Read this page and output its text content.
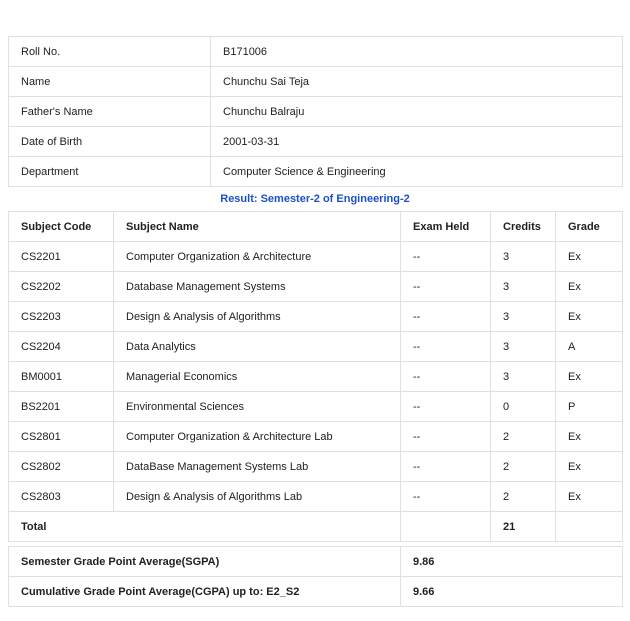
Roll No.	B171006
Name	Chunchu Sai Teja
Father's Name	Chunchu Balraju
Date of Birth	2001-03-31
Department	Computer Science & Engineering
Result: Semester-2 of Engineering-2
Subject Code	Subject Name	Exam Held	Credits	Grade
CS2201	Computer Organization & Architecture	--	3	Ex
CS2202	Database Management Systems	--	3	Ex
CS2203	Design & Analysis of Algorithms	--	3	Ex
CS2204	Data Analytics	--	3	A
BM0001	Managerial Economics	--	3	Ex
BS2201	Environmental Sciences	--	0	P
CS2801	Computer Organization & Architecture Lab	--	2	Ex
CS2802	DataBase Management Systems Lab	--	2	Ex
CS2803	Design & Analysis of Algorithms Lab	--	2	Ex
Total			21	
Semester Grade Point Average(SGPA)	9.86
Cumulative Grade Point Average(CGPA) up to: E2_S2	9.66
